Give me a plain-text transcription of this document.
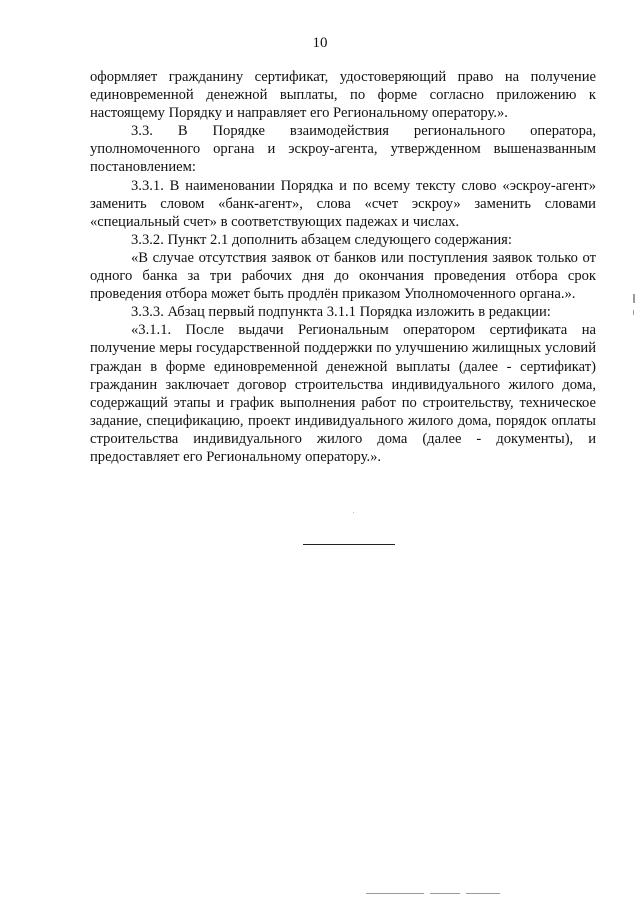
10

оформляет гражданину сертификат, удостоверяющий право на получение единовременной денежной выплаты, по форме согласно приложению к настоящему Порядку и направляет его Региональному оператору.».

3.3. В Порядке взаимодействия регионального оператора, уполномоченного органа и эскроу-агента, утвержденном вышеназванным постановлением:

3.3.1. В наименовании Порядка и по всему тексту слово «эскроу-агент» заменить словом «банк-агент», слова «счет эскроу» заменить словами «специальный счет» в соответствующих падежах и числах.

3.3.2. Пункт 2.1 дополнить абзацем следующего содержания:

«В случае отсутствия заявок от банков или поступления заявок только от одного банка за три рабочих дня до окончания проведения отбора срок проведения отбора может быть продлён приказом Уполномоченного органа.».

3.3.3. Абзац первый подпункта 3.1.1 Порядка изложить в редакции:

«3.1.1. После выдачи Региональным оператором сертификата на получение меры государственной поддержки по улучшению жилищных условий граждан в форме единовременной денежной выплаты (далее - сертификат) гражданин заключает договор строительства индивидуального жилого дома, содержащий этапы и график выполнения работ по строительству, техническое задание, спецификацию, проект индивидуального жилого дома, порядок оплаты строительства индивидуального жилого дома (далее - документы), и предоставляет его Региональному оператору.».
